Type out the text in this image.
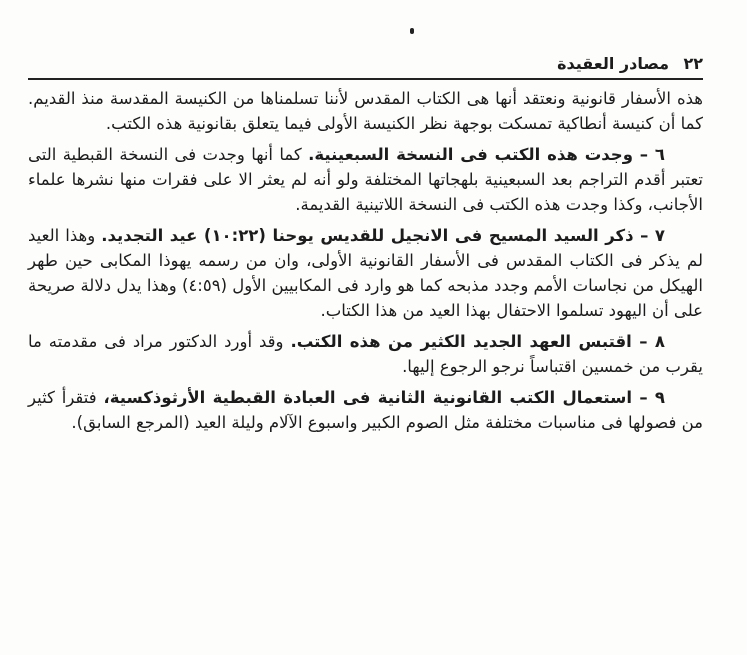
٢٢
مصادر العقيدة

هذه الأسفار قانونية ونعتقد أنها هى الكتاب المقدس لأننا تسلمناها من الكنيسة المقدسة منذ القديم. كما أن كنيسة أنطاكية تمسكت بوجهة نظر الكنيسة الأولى فيما يتعلق بقانونية هذه الكتب.

٦ – وجدت هذه الكتب فى النسخة السبعينية. كما أنها وجدت فى النسخة القبطية التى تعتبر أقدم التراجم بعد السبعينية بلهجاتها المختلفة ولو أنه لم يعثر الا على فقرات منها نشرها علماء الأجانب، وكذا وجدت هذه الكتب فى النسخة اللاتينية القديمة.

٧ – ذكر السيد المسيح فى الانجيل للقديس يوحنا (١٠:٢٢) عيد التجديد. وهذا العيد لم يذكر فى الكتاب المقدس فى الأسفار القانونية الأولى، وان من رسمه يهوذا المكابى حين طهر الهيكل من نجاسات الأمم وجدد مذبحه كما هو وارد فى المكابيين الأول (٤:٥٩) وهذا يدل دلالة صريحة على أن اليهود تسلموا الاحتفال بهذا العيد من هذا الكتاب.

٨ – اقتبس العهد الجديد الكثير من هذه الكتب. وقد أورد الدكتور مراد فى مقدمته ما يقرب من خمسين اقتباساً نرجو الرجوع إليها.

٩ – استعمال الكتب القانونية الثانية فى العبادة القبطية الأرثوذكسية، فتقرأ كثير من فصولها فى مناسبات مختلفة مثل الصوم الكبير واسبوع الآلام وليلة العيد (المرجع السابق).
